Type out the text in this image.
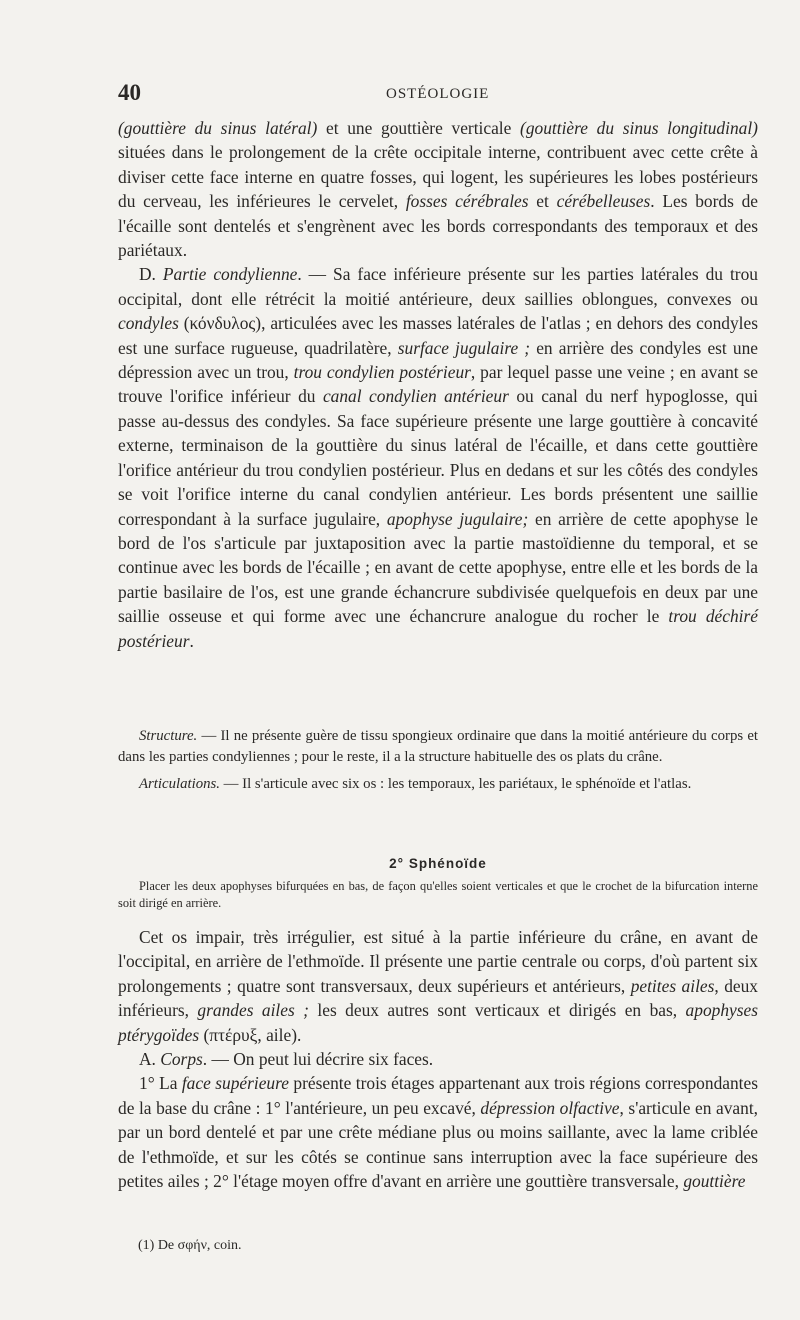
40	OSTÉOLOGIE

(gouttière du sinus latéral) et une gouttière verticale (gouttière du sinus longitudinal) situées dans le prolongement de la crête occipitale interne, contribuent avec cette crête à diviser cette face interne en quatre fosses, qui logent, les supérieures les lobes postérieurs du cerveau, les inférieures le cervelet, fosses cérébrales et cérébelleuses. Les bords de l'écaille sont dentelés et s'engrènent avec les bords correspondants des temporaux et des pariétaux.

D. Partie condylienne. — Sa face inférieure présente sur les parties latérales du trou occipital, dont elle rétrécit la moitié antérieure, deux saillies oblongues, convexes ou condyles (κόνδυλος), articulées avec les masses latérales de l'atlas ; en dehors des condyles est une surface rugueuse, quadrilatère, surface jugulaire ; en arrière des condyles est une dépression avec un trou, trou condylien postérieur, par lequel passe une veine ; en avant se trouve l'orifice inférieur du canal condylien antérieur ou canal du nerf hypoglosse, qui passe au-dessus des condyles. Sa face supérieure présente une large gouttière à concavité externe, terminaison de la gouttière du sinus latéral de l'écaille, et dans cette gouttière l'orifice antérieur du trou condylien postérieur. Plus en dedans et sur les côtés des condyles se voit l'orifice interne du canal condylien antérieur. Les bords présentent une saillie correspondant à la surface jugulaire, apophyse jugulaire; en arrière de cette apophyse le bord de l'os s'articule par juxtaposition avec la partie mastoïdienne du temporal, et se continue avec les bords de l'écaille ; en avant de cette apophyse, entre elle et les bords de la partie basilaire de l'os, est une grande échancrure subdivisée quelquefois en deux par une saillie osseuse et qui forme avec une échancrure analogue du rocher le trou déchiré postérieur.

Structure. — Il ne présente guère de tissu spongieux ordinaire que dans la moitié antérieure du corps et dans les parties condyliennes ; pour le reste, il a la structure habituelle des os plats du crâne.

Articulations. — Il s'articule avec six os : les temporaux, les pariétaux, le sphénoïde et l'atlas.

2° Sphénoïde

Placer les deux apophyses bifurquées en bas, de façon qu'elles soient verticales et que le crochet de la bifurcation interne soit dirigé en arrière.

Cet os impair, très irrégulier, est situé à la partie inférieure du crâne, en avant de l'occipital, en arrière de l'ethmoïde. Il présente une partie centrale ou corps, d'où partent six prolongements ; quatre sont transversaux, deux supérieurs et antérieurs, petites ailes, deux inférieurs, grandes ailes ; les deux autres sont verticaux et dirigés en bas, apophyses ptérygoïdes (πτέρυξ, aile).

A. Corps. — On peut lui décrire six faces.

1° La face supérieure présente trois étages appartenant aux trois régions correspondantes de la base du crâne : 1° l'antérieure, un peu excavé, dépression olfactive, s'articule en avant, par un bord dentelé et par une crête médiane plus ou moins saillante, avec la lame criblée de l'ethmoïde, et sur les côtés se continue sans interruption avec la face supérieure des petites ailes ; 2° l'étage moyen offre d'avant en arrière une gouttière transversale, gouttière

(1) De σφήν, coin.
